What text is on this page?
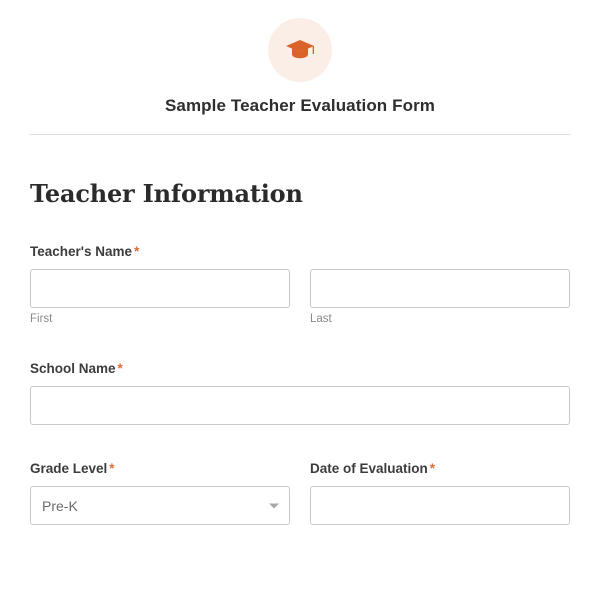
Sample Teacher Evaluation Form
Teacher Information
Teacher's Name *
First	Last
School Name *
Grade Level *
Pre-K
Date of Evaluation *
